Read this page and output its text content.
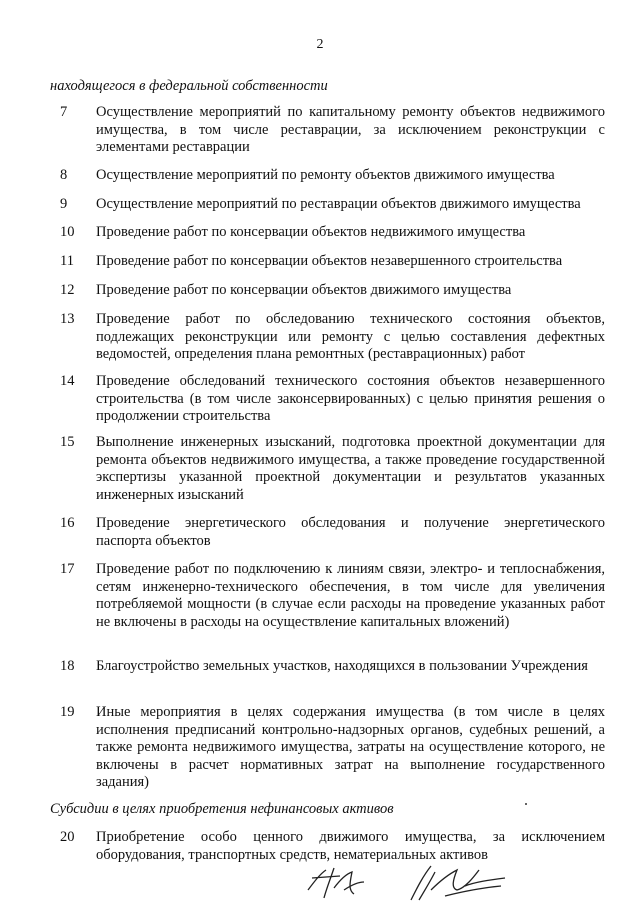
2
находящегося в федеральной собственности
7 Осуществление мероприятий по капитальному ремонту объектов недвижимого имущества, в том числе реставрации, за исключением реконструкции с элементами реставрации
8 Осуществление мероприятий по ремонту объектов движимого имущества
9 Осуществление мероприятий по реставрации объектов движимого имущества
10 Проведение работ по консервации объектов недвижимого имущества
11 Проведение работ по консервации объектов незавершенного строительства
12 Проведение работ по консервации объектов движимого имущества
13 Проведение работ по обследованию технического состояния объектов, подлежащих реконструкции или ремонту с целью составления дефектных ведомостей, определения плана ремонтных (реставрационных) работ
14 Проведение обследований технического состояния объектов незавершенного строительства (в том числе законсервированных) с целью принятия решения о продолжении строительства
15 Выполнение инженерных изысканий, подготовка проектной документации для ремонта объектов недвижимого имущества, а также проведение государственной экспертизы указанной проектной документации и результатов указанных инженерных изысканий
16 Проведение энергетического обследования и получение энергетического паспорта объектов
17 Проведение работ по подключению к линиям связи, электро- и теплоснабжения, сетям инженерно-технического обеспечения, в том числе для увеличения потребляемой мощности (в случае если расходы на проведение указанных работ не включены в расходы на осуществление капитальных вложений)
18 Благоустройство земельных участков, находящихся в пользовании Учреждения
19 Иные мероприятия в целях содержания имущества (в том числе в целях исполнения предписаний контрольно-надзорных органов, судебных решений, а также ремонта недвижимого имущества, затраты на осуществление которого, не включены в расчет нормативных затрат на выполнение государственного задания)
Субсидии в целях приобретения нефинансовых активов
20 Приобретение особо ценного движимого имущества, за исключением оборудования, транспортных средств, нематериальных активов
